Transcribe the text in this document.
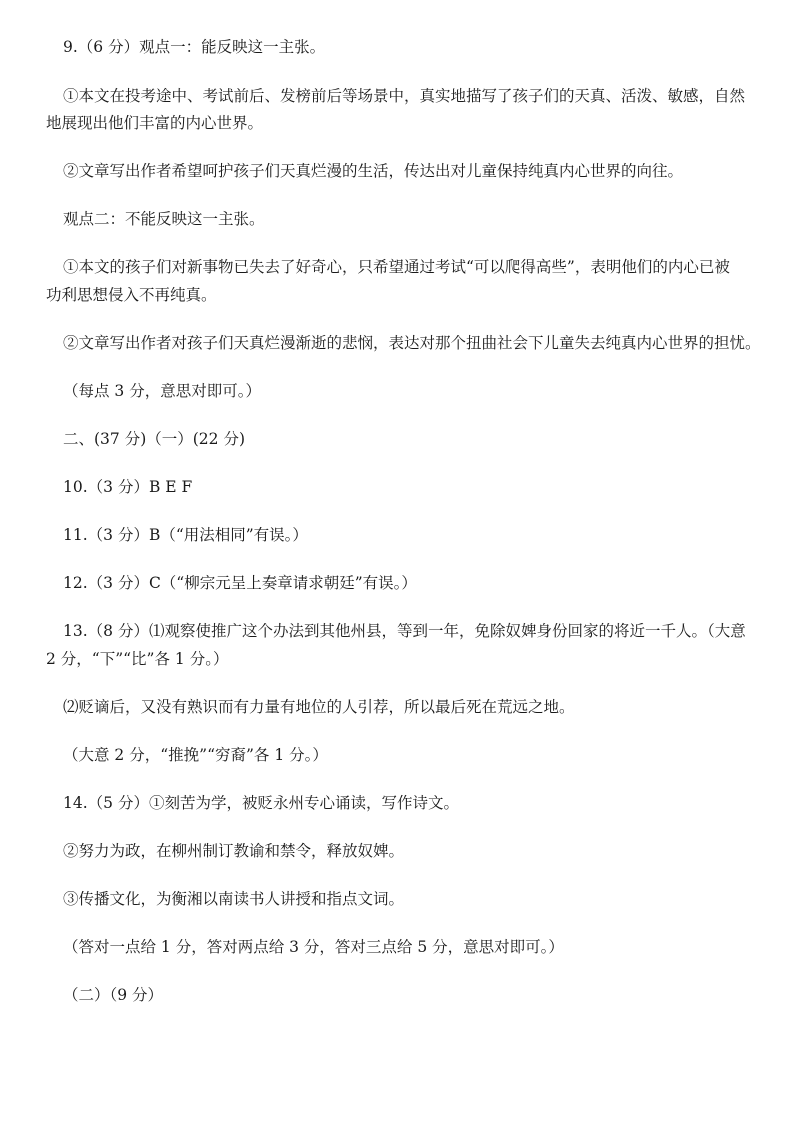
9.（6 分）观点一：能反映这一主张。

①本文在投考途中、考试前后、发榜前后等场景中，真实地描写了孩子们的天真、活泼、敏感，自然

地展现出他们丰富的内心世界。

②文章写出作者希望呵护孩子们天真烂漫的生活，传达出对儿童保持纯真内心世界的向往。

观点二：不能反映这一主张。

①本文的孩子们对新事物已失去了好奇心，只希望通过考试“可以爬得高些”，表明他们的内心已被

功利思想侵入不再纯真。

②文章写出作者对孩子们天真烂漫渐逝的悲悯，表达对那个扭曲社会下儿童失去纯真内心世界的担忧。

（每点 3 分，意思对即可。）

二、(37 分)（一）(22 分)

10.（3 分）B E F

11.（3 分）B（“用法相同”有误。）

12.（3 分）C（“柳宗元呈上奏章请求朝廷”有误。）

13.（8 分）⑴观察使推广这个办法到其他州县，等到一年，免除奴婢身份回家的将近一千人。（大意

2 分，“下”“比”各 1 分。）

⑵贬谪后，又没有熟识而有力量有地位的人引荐，所以最后死在荒远之地。

（大意 2 分，“推挽”“穷裔”各 1 分。）

14.（5 分）①刻苦为学，被贬永州专心诵读，写作诗文。

②努力为政，在柳州制订教谕和禁令，释放奴婢。

③传播文化，为衡湘以南读书人讲授和指点文词。

（答对一点给 1 分，答对两点给 3 分，答对三点给 5 分，意思对即可。）

（二）（9 分）
